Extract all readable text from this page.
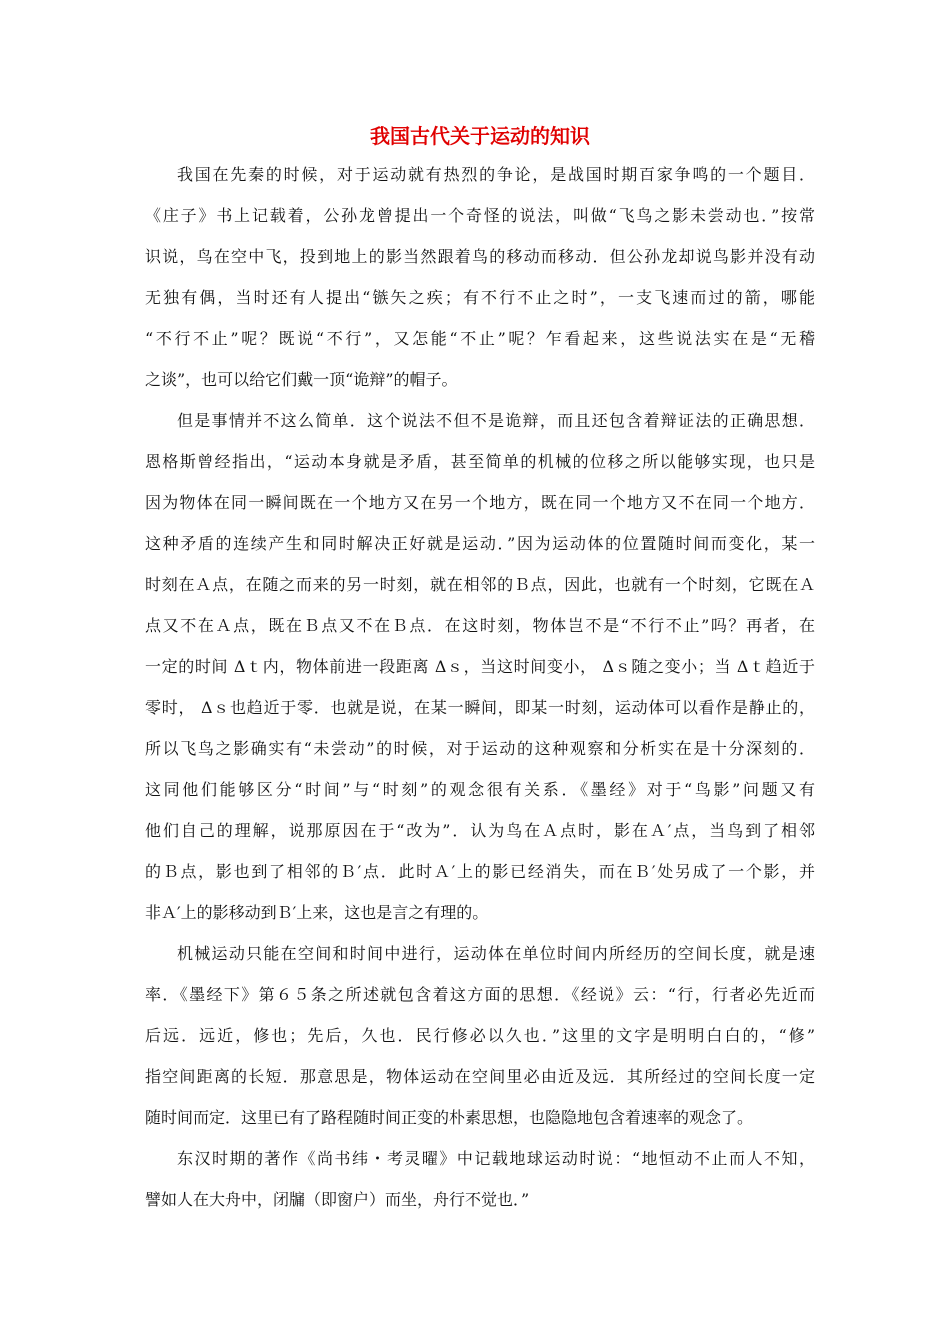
我国古代关于运动的知识

我国在先秦的时候，对于运动就有热烈的争论，是战国时期百家争鸣的一个题目．

《庄子》书上记载着，公孙龙曾提出一个奇怪的说法，叫做“飞鸟之影未尝动也．”按常

识说，鸟在空中飞，投到地上的影当然跟着鸟的移动而移动．但公孙龙却说鸟影并没有动

无独有偶，当时还有人提出“镞矢之疾；有不行不止之时”，一支飞速而过的箭，哪能

“不行不止”呢？既说“不行”，又怎能“不止”呢？乍看起来，这些说法实在是“无稽

之谈”，也可以给它们戴一顶“诡辩”的帽子。

但是事情并不这么简单．这个说法不但不是诡辩，而且还包含着辩证法的正确思想．

恩格斯曾经指出，“运动本身就是矛盾，甚至简单的机械的位移之所以能够实现，也只是

因为物体在同一瞬间既在一个地方又在另一个地方，既在同一个地方又不在同一个地方．

这种矛盾的连续产生和同时解决正好就是运动．”因为运动体的位置随时间而变化，某一

时刻在Ａ点，在随之而来的另一时刻，就在相邻的Ｂ点，因此，也就有一个时刻，它既在Ａ

点又不在Ａ点，既在Ｂ点又不在Ｂ点．在这时刻，物体岂不是“不行不止”吗？再者，在

一定的时间 Δｔ内，物体前进一段距离 Δｓ，当这时间变小， Δｓ随之变小；当 Δｔ趋近于

零时， Δｓ也趋近于零．也就是说，在某一瞬间，即某一时刻，运动体可以看作是静止的，

所以飞鸟之影确实有“未尝动”的时候，对于运动的这种观察和分析实在是十分深刻的．

这同他们能够区分“时间”与“时刻”的观念很有关系．《墨经》对于“鸟影”问题又有

他们自己的理解，说那原因在于“改为”．认为鸟在Ａ点时，影在Ａ′点，当鸟到了相邻

的Ｂ点，影也到了相邻的Ｂ′点．此时Ａ′上的影已经消失，而在Ｂ′处另成了一个影，并

非Ａ′上的影移动到Ｂ′上来，这也是言之有理的。

机械运动只能在空间和时间中进行，运动体在单位时间内所经历的空间长度，就是速

率．《墨经下》第６５条之所述就包含着这方面的思想．《经说》云：“行，行者必先近而

后远．远近，修也；先后，久也．民行修必以久也．”这里的文字是明明白白的，“修”

指空间距离的长短．那意思是，物体运动在空间里必由近及远．其所经过的空间长度一定

随时间而定．这里已有了路程随时间正变的朴素思想，也隐隐地包含着速率的观念了。

东汉时期的著作《尚书纬・考灵曜》中记载地球运动时说：“地恒动不止而人不知，

譬如人在大舟中，闭牖（即窗户）而坐，舟行不觉也．”
